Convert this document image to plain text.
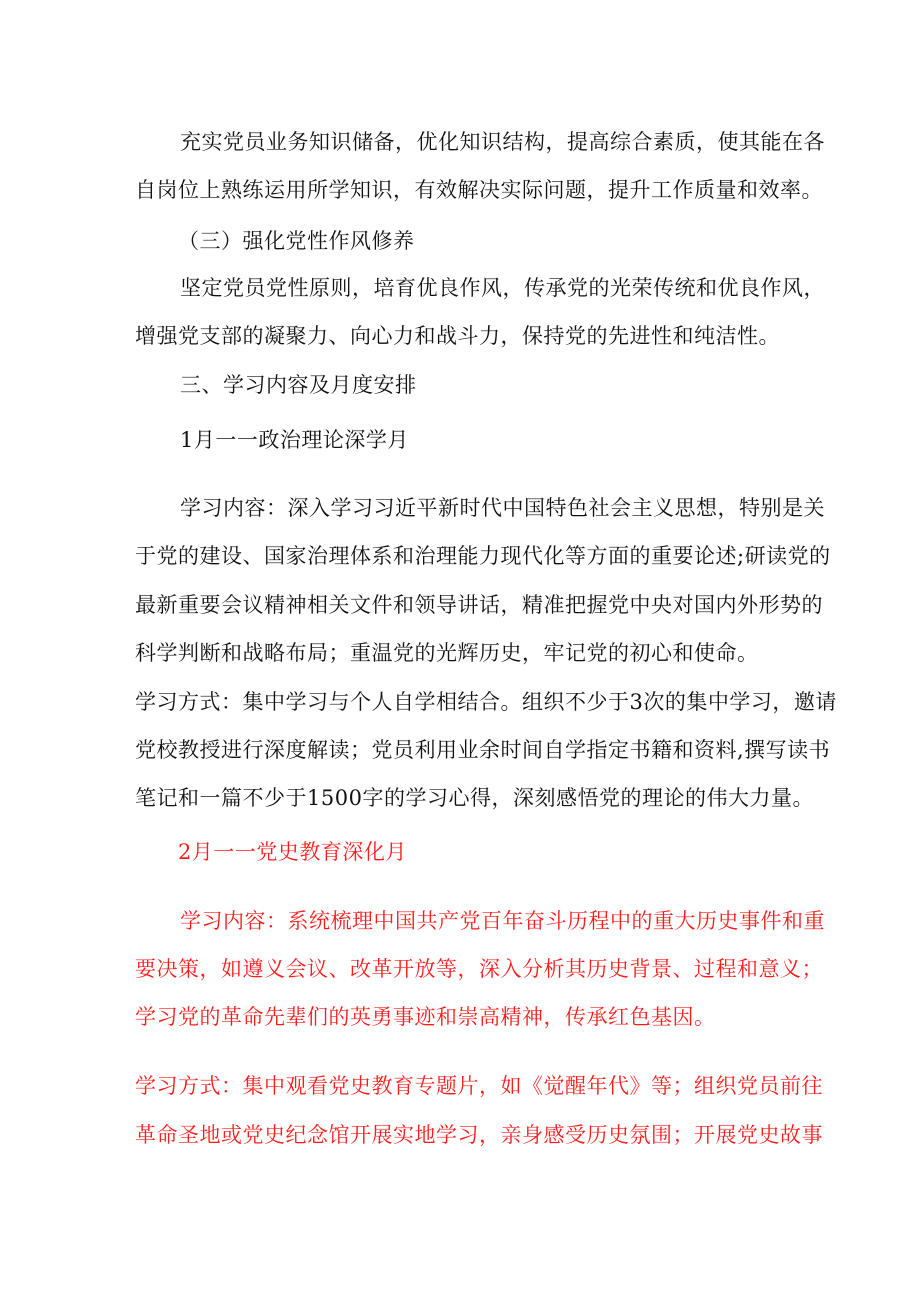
充实党员业务知识储备，优化知识结构，提高综合素质，使其能在各
自岗位上熟练运用所学知识，有效解决实际问题，提升工作质量和效率。
（三）强化党性作风修养
坚定党员党性原则，培育优良作风，传承党的光荣传统和优良作风，
增强党支部的凝聚力、向心力和战斗力，保持党的先进性和纯洁性。
三、学习内容及月度安排
1月一一政治理论深学月
学习内容：深入学习习近平新时代中国特色社会主义思想，特别是关
于党的建设、国家治理体系和治理能力现代化等方面的重要论述;研读党的
最新重要会议精神相关文件和领导讲话，精准把握党中央对国内外形势的
科学判断和战略布局；重温党的光辉历史，牢记党的初心和使命。
学习方式：集中学习与个人自学相结合。组织不少于3次的集中学习，邀请
党校教授进行深度解读；党员利用业余时间自学指定书籍和资料,撰写读书
笔记和一篇不少于1500字的学习心得，深刻感悟党的理论的伟大力量。
2月一一党史教育深化月
学习内容：系统梳理中国共产党百年奋斗历程中的重大历史事件和重
要决策，如遵义会议、改革开放等，深入分析其历史背景、过程和意义；
学习党的革命先辈们的英勇事迹和崇高精神，传承红色基因。
学习方式：集中观看党史教育专题片，如《觉醒年代》等；组织党员前往
革命圣地或党史纪念馆开展实地学习，亲身感受历史氛围；开展党史故事
